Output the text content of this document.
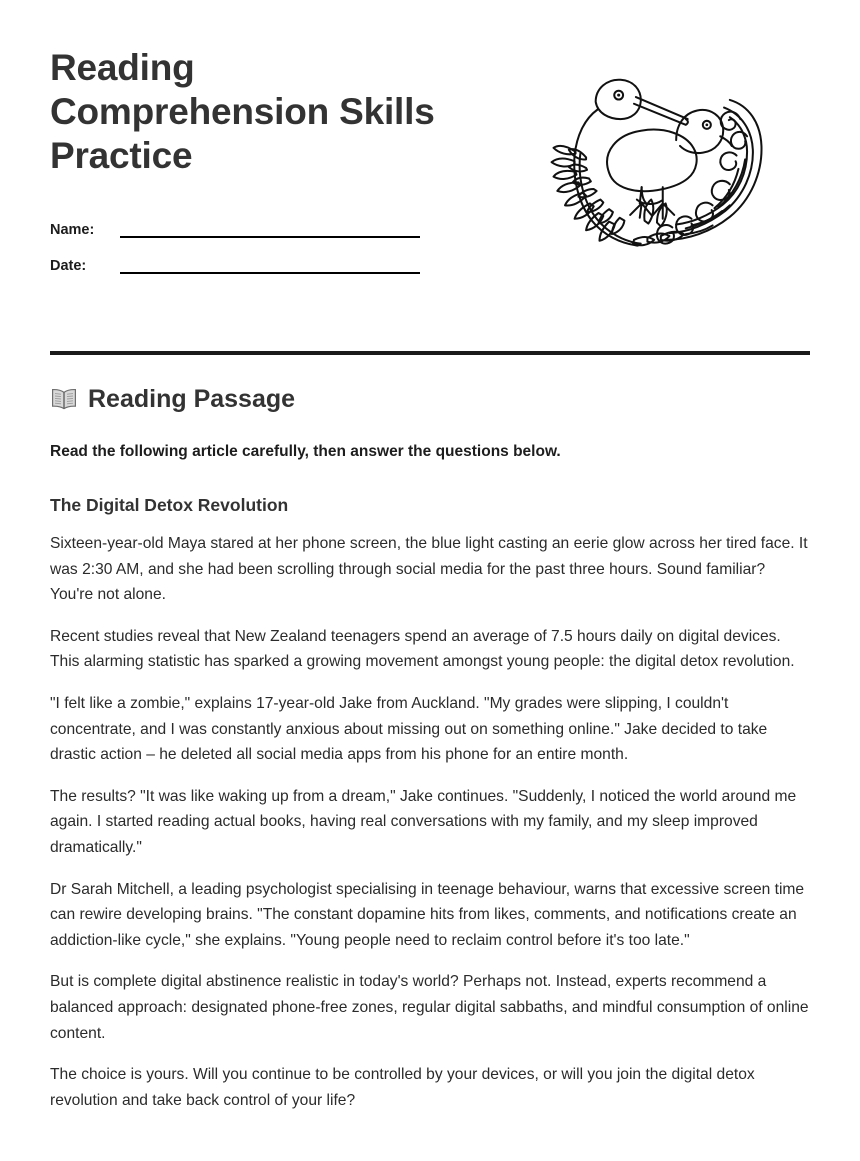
Reading Comprehension Skills Practice
Name:
Date:
Reading Passage

Read the following article carefully, then answer the questions below.

The Digital Detox Revolution

Sixteen-year-old Maya stared at her phone screen, the blue light casting an eerie glow across her tired face. It was 2:30 AM, and she had been scrolling through social media for the past three hours. Sound familiar? You're not alone.

Recent studies reveal that New Zealand teenagers spend an average of 7.5 hours daily on digital devices. This alarming statistic has sparked a growing movement amongst young people: the digital detox revolution.

"I felt like a zombie," explains 17-year-old Jake from Auckland. "My grades were slipping, I couldn't concentrate, and I was constantly anxious about missing out on something online." Jake decided to take drastic action – he deleted all social media apps from his phone for an entire month.

The results? "It was like waking up from a dream," Jake continues. "Suddenly, I noticed the world around me again. I started reading actual books, having real conversations with my family, and my sleep improved dramatically."

Dr Sarah Mitchell, a leading psychologist specialising in teenage behaviour, warns that excessive screen time can rewire developing brains. "The constant dopamine hits from likes, comments, and notifications create an addiction-like cycle," she explains. "Young people need to reclaim control before it's too late."

But is complete digital abstinence realistic in today's world? Perhaps not. Instead, experts recommend a balanced approach: designated phone-free zones, regular digital sabbaths, and mindful consumption of online content.

The choice is yours. Will you continue to be controlled by your devices, or will you join the digital detox revolution and take back control of your life?
